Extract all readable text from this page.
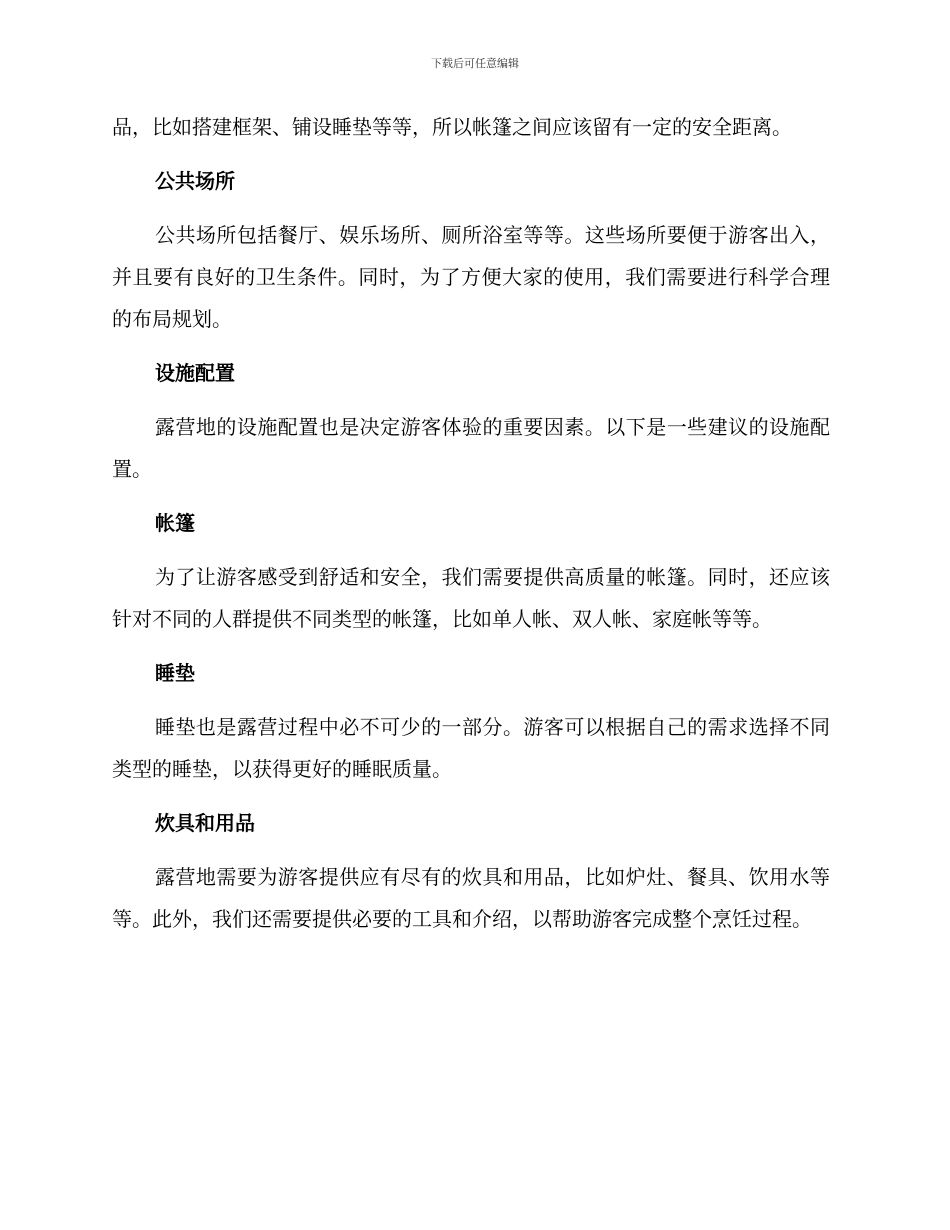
下载后可任意编辑

品，比如搭建框架、铺设睡垫等等，所以帐篷之间应该留有一定的安全距离。

公共场所

公共场所包括餐厅、娱乐场所、厕所浴室等等。这些场所要便于游客出入，并且要有良好的卫生条件。同时，为了方便大家的使用，我们需要进行科学合理的布局规划。

设施配置

露营地的设施配置也是决定游客体验的重要因素。以下是一些建议的设施配置。

帐篷

为了让游客感受到舒适和安全，我们需要提供高质量的帐篷。同时，还应该针对不同的人群提供不同类型的帐篷，比如单人帐、双人帐、家庭帐等等。

睡垫

睡垫也是露营过程中必不可少的一部分。游客可以根据自己的需求选择不同类型的睡垫，以获得更好的睡眠质量。

炊具和用品

露营地需要为游客提供应有尽有的炊具和用品，比如炉灶、餐具、饮用水等等。此外，我们还需要提供必要的工具和介绍，以帮助游客完成整个烹饪过程。
